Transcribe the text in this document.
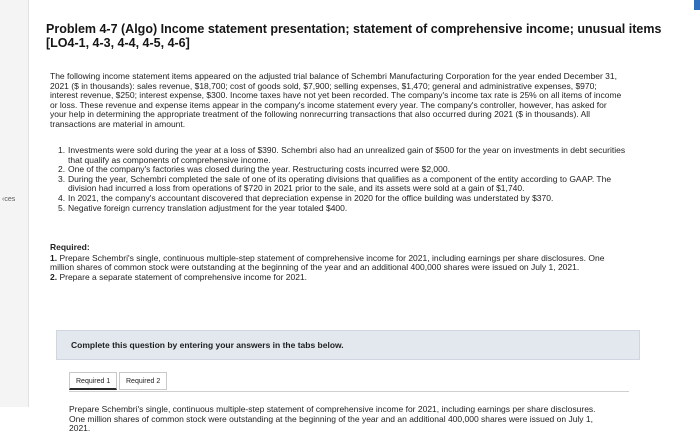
‹ces
Problem 4-7 (Algo) Income statement presentation; statement of comprehensive income; unusual items
[LO4-1, 4-3, 4-4, 4-5, 4-6]

The following income statement items appeared on the adjusted trial balance of Schembri Manufacturing Corporation for the year ended December 31, 2021 ($ in thousands): sales revenue, $18,700; cost of goods sold, $7,900; selling expenses, $1,470; general and administrative expenses, $970; interest revenue, $250; interest expense, $300. Income taxes have not yet been recorded. The company's income tax rate is 25% on all items of income or loss. These revenue and expense items appear in the company's income statement every year. The company's controller, however, has asked for your help in determining the appropriate treatment of the following nonrecurring transactions that also occurred during 2021 ($ in thousands). All transactions are material in amount.

1. Investments were sold during the year at a loss of $390. Schembri also had an unrealized gain of $500 for the year on investments in debt securities that qualify as components of comprehensive income.
2. One of the company's factories was closed during the year. Restructuring costs incurred were $2,000.
3. During the year, Schembri completed the sale of one of its operating divisions that qualifies as a component of the entity according to GAAP. The division had incurred a loss from operations of $720 in 2021 prior to the sale, and its assets were sold at a gain of $1,740.
4. In 2021, the company's accountant discovered that depreciation expense in 2020 for the office building was understated by $370.
5. Negative foreign currency translation adjustment for the year totaled $400.

Required:

1. Prepare Schembri's single, continuous multiple-step statement of comprehensive income for 2021, including earnings per share disclosures. One million shares of common stock were outstanding at the beginning of the year and an additional 400,000 shares were issued on July 1, 2021.

2. Prepare a separate statement of comprehensive income for 2021.

Complete this question by entering your answers in the tabs below.
Required 1	Required 2

Prepare Schembri's single, continuous multiple-step statement of comprehensive income for 2021, including earnings per share disclosures. One million shares of common stock were outstanding at the beginning of the year and an additional 400,000 shares were issued on July 1, 2021.
